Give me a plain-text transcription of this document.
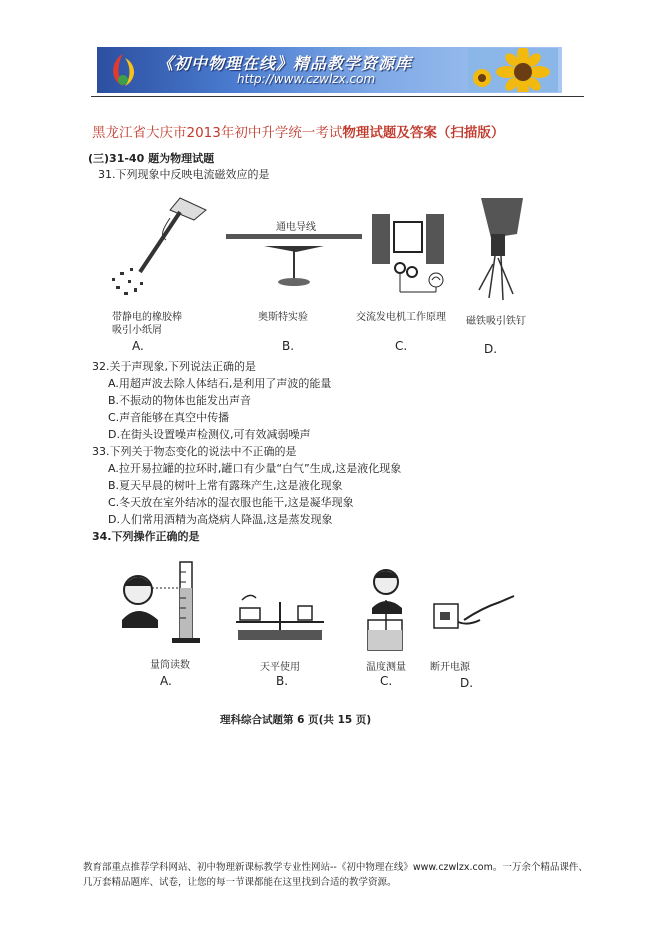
《初中物理在线》精品教学资源库
http://www.czwlzx.com
黑龙江省大庆市2013年初中升学统一考试物理试题及答案（扫描版）
(三)31-40 题为物理试题
31.下列现象中反映电流磁效应的是
带静电的橡胶棒
吸引小纸屑
A.
通电导线
奥斯特实验
B.
交流发电机工作原理
C.
磁铁吸引铁钉
D.
32.关于声现象,下列说法正确的是
A.用超声波去除人体结石,是利用了声波的能量
B.不振动的物体也能发出声音
C.声音能够在真空中传播
D.在街头设置噪声检测仪,可有效减弱噪声
33.下列关于物态变化的说法中不正确的是
A.拉开易拉罐的拉环时,罐口有少量“白气”生成,这是液化现象
B.夏天早晨的树叶上常有露珠产生,这是液化现象
C.冬天放在室外结冰的湿衣服也能干,这是凝华现象
D.人们常用酒精为高烧病人降温,这是蒸发现象
34.下列操作正确的是
量筒读数
A.
天平使用
B.
温度测量
C.
断开电源
D.
理科综合试题第 6 页(共 15 页)
教育部重点推荐学科网站、初中物理新课标教学专业性网站--《初中物理在线》www.czwlzx.com。一万余个精品课件、
几万套精品题库、试卷，让您的每一节课都能在这里找到合适的教学资源。
